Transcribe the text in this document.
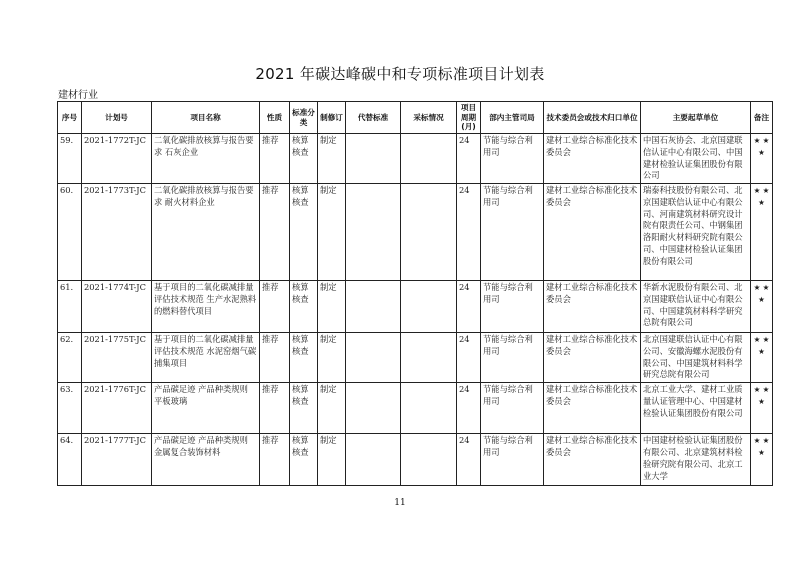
2021 年碳达峰碳中和专项标准项目计划表
建材行业
序号	计划号	项目名称	性质	标准分类	制修订	代替标准	采标情况	项目周期(月)	部内主管司局	技术委员会或技术归口单位	主要起草单位	备注
59.	2021-1772T-JC	二氧化碳排放核算与报告要求 石灰企业	推荐	核算核查	制定			24	节能与综合利用司	建材工业综合标准化技术委员会	中国石灰协会、北京国建联信认证中心有限公司、中国建材检验认证集团股份有限公司	★ ★ ★
60.	2021-1773T-JC	二氧化碳排放核算与报告要求 耐火材料企业	推荐	核算核查	制定			24	节能与综合利用司	建材工业综合标准化技术委员会	瑞泰科技股份有限公司、北京国建联信认证中心有限公司、河南建筑材料研究设计院有限责任公司、中钢集团洛阳耐火材料研究院有限公司、中国建材检验认证集团股份有限公司	★ ★ ★
61.	2021-1774T-JC	基于项目的二氧化碳减排量评估技术规范 生产水泥熟料的燃料替代项目	推荐	核算核查	制定			24	节能与综合利用司	建材工业综合标准化技术委员会	华新水泥股份有限公司、北京国建联信认证中心有限公司、中国建筑材料科学研究总院有限公司	★ ★ ★
62.	2021-1775T-JC	基于项目的二氧化碳减排量评估技术规范 水泥窑烟气碳捕集项目	推荐	核算核查	制定			24	节能与综合利用司	建材工业综合标准化技术委员会	北京国建联信认证中心有限公司、安徽海螺水泥股份有限公司、中国建筑材料科学研究总院有限公司	★ ★ ★
63.	2021-1776T-JC	产品碳足迹 产品种类规则 平板玻璃	推荐	核算核查	制定			24	节能与综合利用司	建材工业综合标准化技术委员会	北京工业大学、建材工业质量认证管理中心、中国建材检验认证集团股份有限公司	★ ★ ★
64.	2021-1777T-JC	产品碳足迹 产品种类规则 金属复合装饰材料	推荐	核算核查	制定			24	节能与综合利用司	建材工业综合标准化技术委员会	中国建材检验认证集团股份有限公司、北京建筑材料检验研究院有限公司、北京工业大学	★ ★ ★
11
